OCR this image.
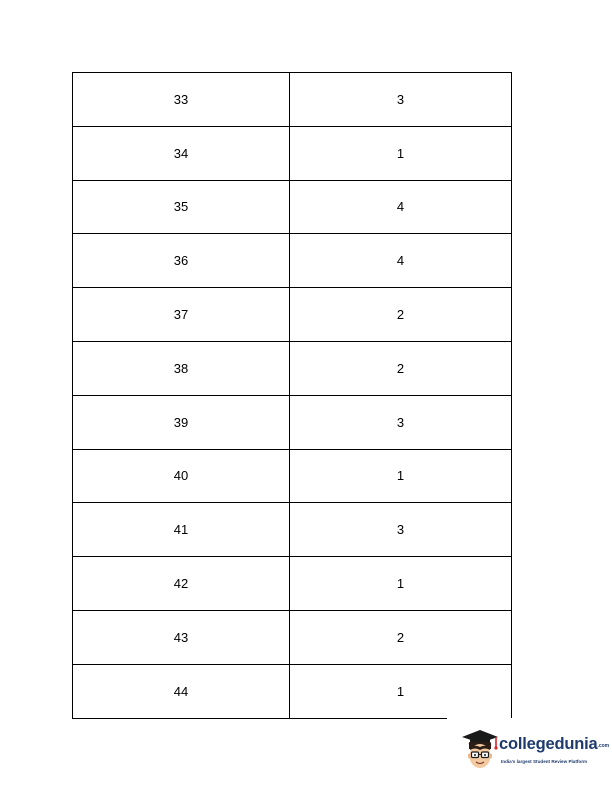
33	3
34	1
35	4
36	4
37	2
38	2
39	3
40	1
41	3
42	1
43	2
44	1
collegedunia.com
India's largest Student Review Platform
